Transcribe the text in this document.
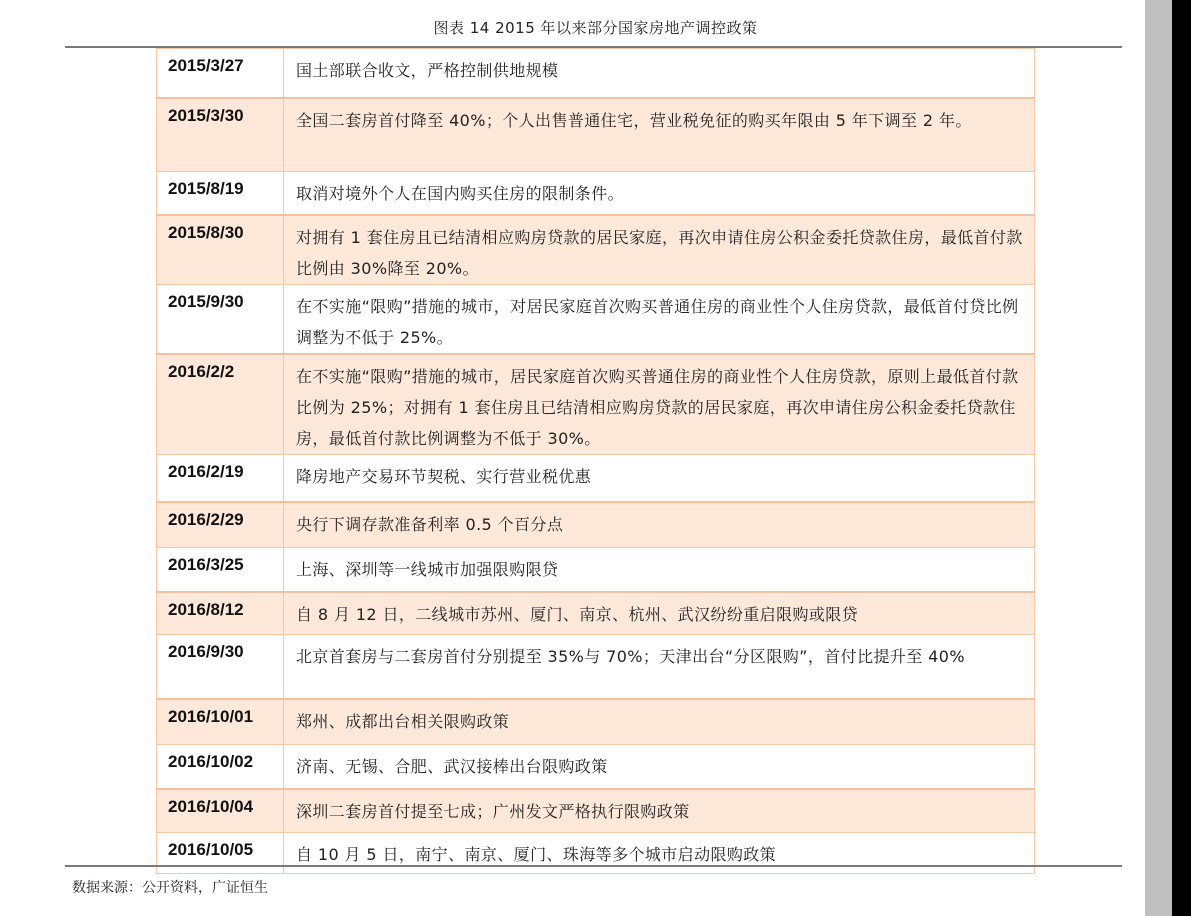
图表 14 2015 年以来部分国家房地产调控政策
2015/3/27	国土部联合收文，严格控制供地规模
2015/3/30	全国二套房首付降至 40%；个人出售普通住宅，营业税免征的购买年限由 5 年下调至 2 年。
2015/8/19	取消对境外个人在国内购买住房的限制条件。
2015/8/30	对拥有 1 套住房且已结清相应购房贷款的居民家庭，再次申请住房公积金委托贷款住房，最低首付款比例由 30%降至 20%。
2015/9/30	在不实施“限购”措施的城市，对居民家庭首次购买普通住房的商业性个人住房贷款，最低首付贷比例调整为不低于 25%。
2016/2/2	在不实施“限购”措施的城市，居民家庭首次购买普通住房的商业性个人住房贷款，原则上最低首付款比例为 25%；对拥有 1 套住房且已结清相应购房贷款的居民家庭，再次申请住房公积金委托贷款住房，最低首付款比例调整为不低于 30%。
2016/2/19	降房地产交易环节契税、实行营业税优惠
2016/2/29	央行下调存款准备利率 0.5 个百分点
2016/3/25	上海、深圳等一线城市加强限购限贷
2016/8/12	自 8 月 12 日，二线城市苏州、厦门、南京、杭州、武汉纷纷重启限购或限贷
2016/9/30	北京首套房与二套房首付分别提至 35%与 70%；天津出台“分区限购”，首付比提升至 40%
2016/10/01	郑州、成都出台相关限购政策
2016/10/02	济南、无锡、合肥、武汉接棒出台限购政策
2016/10/04	深圳二套房首付提至七成；广州发文严格执行限购政策
2016/10/05	自 10 月 5 日，南宁、南京、厦门、珠海等多个城市启动限购政策
数据来源：公开资料，广证恒生
